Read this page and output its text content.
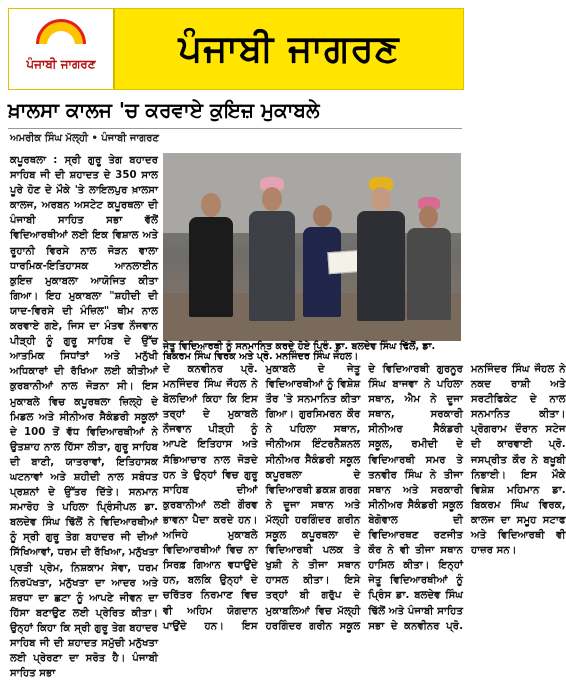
ਪੰਜਾਬੀ ਜਾਗਰਣ	ਪੰਜਾਬੀ ਜਾਗਰਣ
ਖ਼ਾਲਸਾ ਕਾਲਜ 'ਚ ਕਰਵਾਏ ਕੁਇਜ਼ ਮੁਕਾਬਲੇ
ਅਮਰੀਕ ਸਿੰਘ ਮੱਲ੍ਹੀ • ਪੰਜਾਬੀ ਜਾਗਰਣ

ਕਪੂਰਥਲਾ : ਸ੍ਰੀ ਗੁਰੂ ਤੇਗ ਬਹਾਦਰ ਸਾਹਿਬ ਜੀ ਦੀ ਸ਼ਹਾਦਤ ਦੇ 350 ਸਾਲ ਪੂਰੇ ਹੋਣ ਦੇ ਮੌਕੇ 'ਤੇ ਲਾਇਲਪੁਰ ਖ਼ਾਲਸਾ ਕਾਲਜ, ਅਰਬਨ ਅਸਟੇਟ ਕਪੂਰਥਲਾ ਦੀ ਪੰਜਾਬੀ ਸਾਹਿਤ ਸਭਾ ਵੱਲੋਂ ਵਿਦਿਆਰਥੀਆਂ ਲਈ ਇਕ ਵਿਸ਼ਾਲ ਅਤੇ ਰੂਹਾਨੀ ਵਿਰਸੇ ਨਾਲ ਜੋੜਨ ਵਾਲਾ ਧਾਰਮਿਕ-ਇਤਿਹਾਸਕ ਆਨਲਾਈਨ ਕੁਇਜ਼ ਮੁਕਾਬਲਾ ਆਯੋਜਿਤ ਕੀਤਾ ਗਿਆ। ਇਹ ਮੁਕਾਬਲਾ "ਸ਼ਹੀਦੀ ਦੀ ਯਾਦ-ਵਿਰਸੇ ਦੀ ਮੰਜ਼ਿਲ" ਥੀਮ ਨਾਲ ਕਰਵਾਏ ਗਏ, ਜਿਸ ਦਾ ਮੰਤਵ ਨੌਜਵਾਨ ਪੀੜ੍ਹੀ ਨੂੰ ਗੁਰੂ ਸਾਹਿਬ ਦੇ ਉੱਚ ਆਤਮਿਕ ਸਿਧਾਂਤਾਂ ਅਤੇ ਮਨੁੱਖੀ ਅਧਿਕਾਰਾਂ ਦੀ ਰੱਖਿਆ ਲਈ ਕੀਤੀਆਂ ਕੁਰਬਾਨੀਆਂ ਨਾਲ ਜੋੜਨਾ ਸੀ। ਇਸ ਮੁਕਾਬਲੇ ਵਿਚ ਕਪੂਰਥਲਾ ਜ਼ਿਲ੍ਹੇ ਦੇ ਮਿਡਲ ਅਤੇ ਸੀਨੀਅਰ ਸੈਕੰਡਰੀ ਸਕੂਲਾਂ ਦੇ 100 ਤੋਂ ਵੱਧ ਵਿਦਿਆਰਥੀਆਂ ਨੇ ਉਤਸ਼ਾਹ ਨਾਲ ਹਿੱਸਾ ਲੀਤਾ, ਗੁਰੂ ਸਾਹਿਬ ਦੀ ਬਾਣੀ, ਯਾਤਰਾਵਾਂ, ਇਤਿਹਾਸਕ ਘਟਨਾਵਾਂ ਅਤੇ ਸ਼ਹੀਦੀ ਨਾਲ ਸਬੰਧਤ ਪ੍ਰਸ਼ਨਾਂ ਦੇ ਉੱਤਰ ਦਿੱਤੇ। ਸਨਮਾਨ ਸਮਾਰੋਹ ਤੇ ਪਹਿਲਾ ਪ੍ਰਿੰਸੀਪਲ ਡਾ. ਬਲਦੇਵ ਸਿੰਘ ਢਿੱਲੋਂ ਨੇ ਵਿਦਿਆਰਥੀਆਂ ਨੂੰ ਸ੍ਰੀ ਗੁਰੂ ਤੇਗ ਬਹਾਦਰ ਜੀ ਦੀਆਂ ਸਿੱਖਿਆਵਾਂ, ਧਰਮ ਦੀ ਰੱਖਿਆ, ਮਨੁੱਖਤਾ ਪ੍ਰਤੀ ਪ੍ਰੇਮ, ਨਿਸ਼ਕਾਮ ਸੇਵਾ, ਧਰਮ ਨਿਰਪੱਖਤਾ, ਮਨੁੱਖਤਾ ਦਾ ਆਦਰ ਅਤੇ ਸ਼ਰਧਾ ਦਾ ਛਟਾ ਨੂੰ ਆਪਣੇ ਜੀਵਨ ਦਾ ਹਿੱਸਾ ਬਣਾਉਣ ਲਈ ਪ੍ਰੇਰਿਤ ਕੀਤਾ। ਉਨ੍ਹਾਂ ਕਿਹਾ ਕਿ ਸ੍ਰੀ ਗੁਰੂ ਤੇਗ ਬਹਾਦਰ ਸਾਹਿਬ ਜੀ ਦੀ ਸ਼ਹਾਦਤ ਸਮੁੱਚੀ ਮਨੁੱਖਤਾ ਲਈ ਪ੍ਰੇਰਣਾ ਦਾ ਸਰੋਤ ਹੈ। ਪੰਜਾਬੀ ਸਾਹਿਤ ਸਭਾ

ਜੇਤੂ ਵਿਦਿਆਰਥੀ ਨੂੰ ਸਨਮਾਨਿਤ ਕਰਦੇ ਹੋਏ ਪ੍ਰਿੰ. ਡਾ. ਬਲਦੇਵ ਸਿੰਘ ਢਿੱਲੋਂ, ਡਾ. ਬਿਕਰਮ ਸਿੰਘ ਵਿਰਕ ਅਤੇ ਪ੍ਰੋ. ਮਨਜਿੰਦਰ ਸਿੰਘ ਜੌਹਲ।

ਦੇ ਕਨਵੀਨਰ ਪ੍ਰੋ. ਮਨਜਿੰਦਰ ਸਿੰਘ ਜੌਹਲ ਨੇ ਬੋਲਦਿਆਂ ਕਿਹਾ ਕਿ ਇਸ ਤਰ੍ਹਾਂ ਦੇ ਮੁਕਾਬਲੇ ਨੌਜਵਾਨ ਪੀੜ੍ਹੀ ਨੂੰ ਆਪਣੇ ਇਤਿਹਾਸ ਅਤੇ ਸੱਭਿਆਚਾਰ ਨਾਲ ਜੋੜਦੇ ਹਨ ਤੇ ਉਨ੍ਹਾਂ ਵਿਚ ਗੁਰੂ ਸਾਹਿਬ ਦੀਆਂ ਕੁਰਬਾਨੀਆਂ ਲਈ ਗੌਰਵ ਭਾਵਨਾ ਪੈਦਾ ਕਰਦੇ ਹਨ। ਅਜਿਹੇ ਮੁਕਾਬਲੇ ਵਿਦਿਆਰਥੀਆਂ ਵਿਚ ਨਾ ਸਿਰਫ਼ ਗਿਆਨ ਵਧਾਉਂਦੇ ਹਨ, ਬਲਕਿ ਉਨ੍ਹਾਂ ਦੇ ਚਰਿੱਤਰ ਨਿਰਮਾਣ ਵਿਚ ਵੀ ਅਹਿਮ ਯੋਗਦਾਨ ਪਾਉਂਦੇ ਹਨ। ਇਸ ਮੁਕਾਬਲੇ ਦੇ ਜੇਤੂ ਵਿਦਿਆਰਥੀਆਂ ਨੂੰ ਵਿਸ਼ੇਸ਼ ਤੌਰ 'ਤੇ ਸਨਮਾਨਿਤ ਕੀਤਾ ਗਿਆ। ਗੁਰਸਿਮਰਨ ਕੌਰ ਨੇ ਪਹਿਲਾ ਸਥਾਨ, ਜੀਨੀਅਸ ਇੰਟਰਨੈਸ਼ਨਲ ਸੀਨੀਅਰ ਸੈਕੰਡਰੀ ਸਕੂਲ ਕਪੂਰਥਲਾ ਦੇ ਵਿਦਿਆਰਥੀ ਡਕਸ਼ ਗਰਗ ਨੇ ਦੂਜਾ ਸਥਾਨ ਅਤੇ ਮੱਲ੍ਹੀ ਹਰਗਿੰਦਰ ਗਰੀਨ ਸਕੂਲ ਕਪੂਰਥਲਾ ਦੇ ਵਿਦਿਆਰਥੀ ਪਲਕ ਤੇ ਖੁਸ਼ੀ ਨੇ ਤੀਜਾ ਸਥਾਨ ਹਾਸਲ ਕੀਤਾ। ਇਸੇ ਤਰ੍ਹਾਂ ਬੀ ਗਰੁੱਪ ਦੇ ਮੁਕਾਬਲਿਆਂ ਵਿਚ ਮੱਲ੍ਹੀ ਹਰਗਿੰਦਰ ਗਰੀਨ ਸਕੂਲ ਦੇ ਵਿਦਿਆਰਥੀ ਗੁਰਨੂਰ ਸਿੰਘ ਬਾਜਵਾ ਨੇ ਪਹਿਲਾ ਸਥਾਨ, ਐਮ ਨੇ ਦੂਜਾ ਸਥਾਨ, ਸਰਕਾਰੀ ਸੀਨੀਅਰ ਸੈਕੰਡਰੀ ਸਕੂਲ, ਰਮੀਦੀ ਦੇ ਵਿਦਿਆਰਥੀ ਸਮਰ ਤੇ ਤਨਵੀਰ ਸਿੰਘ ਨੇ ਤੀਜਾ ਸਥਾਨ ਅਤੇ ਸਰਕਾਰੀ ਸੀਨੀਅਰ ਸੈਕੰਡਰੀ ਸਕੂਲ ਬੇਗੋਵਾਲ ਦੀ ਵਿਦਿਆਰਥਣ ਰਣਜੀਤ ਕੌਰ ਨੇ ਵੀ ਤੀਜਾ ਸਥਾਨ ਹਾਸਿਲ ਕੀਤਾ। ਇਨ੍ਹਾਂ ਜੇਤੂ ਵਿਦਿਆਰਥੀਆਂ ਨੂੰ ਪ੍ਰਿੰਸ ਡਾ. ਬਲਦੇਵ ਸਿੰਘ ਢਿੱਲੋਂ ਅਤੇ ਪੰਜਾਬੀ ਸਾਹਿਤ ਸਭਾ ਦੇ ਕਨਵੀਨਰ ਪ੍ਰੋ. ਮਨਜਿੰਦਰ ਸਿੰਘ ਜੌਹਲ ਨੇ ਨਕਦ ਰਾਸ਼ੀ ਅਤੇ ਸਰਟੀਫਿਕੇਟ ਦੇ ਨਾਲ ਸਨਮਾਨਿਤ ਕੀਤਾ। ਪ੍ਰੋਗਰਾਮ ਦੌਰਾਨ ਸਟੇਜ ਦੀ ਕਾਰਵਾਈ ਪ੍ਰੋ. ਜਸਪ੍ਰੀਤ ਕੌਰ ਨੇ ਬਖੂਬੀ ਨਿਭਾਈ। ਇਸ ਮੌਕੇ ਵਿਸ਼ੇਸ਼ ਮਹਿਮਾਨ ਡਾ. ਬਿਕਰਮ ਸਿੰਘ ਵਿਰਕ, ਕਾਲਜ ਦਾ ਸਮੂਹ ਸਟਾਫ ਅਤੇ ਵਿਦਿਆਰਥੀ ਵੀ ਹਾਜ਼ਰ ਸਨ।
